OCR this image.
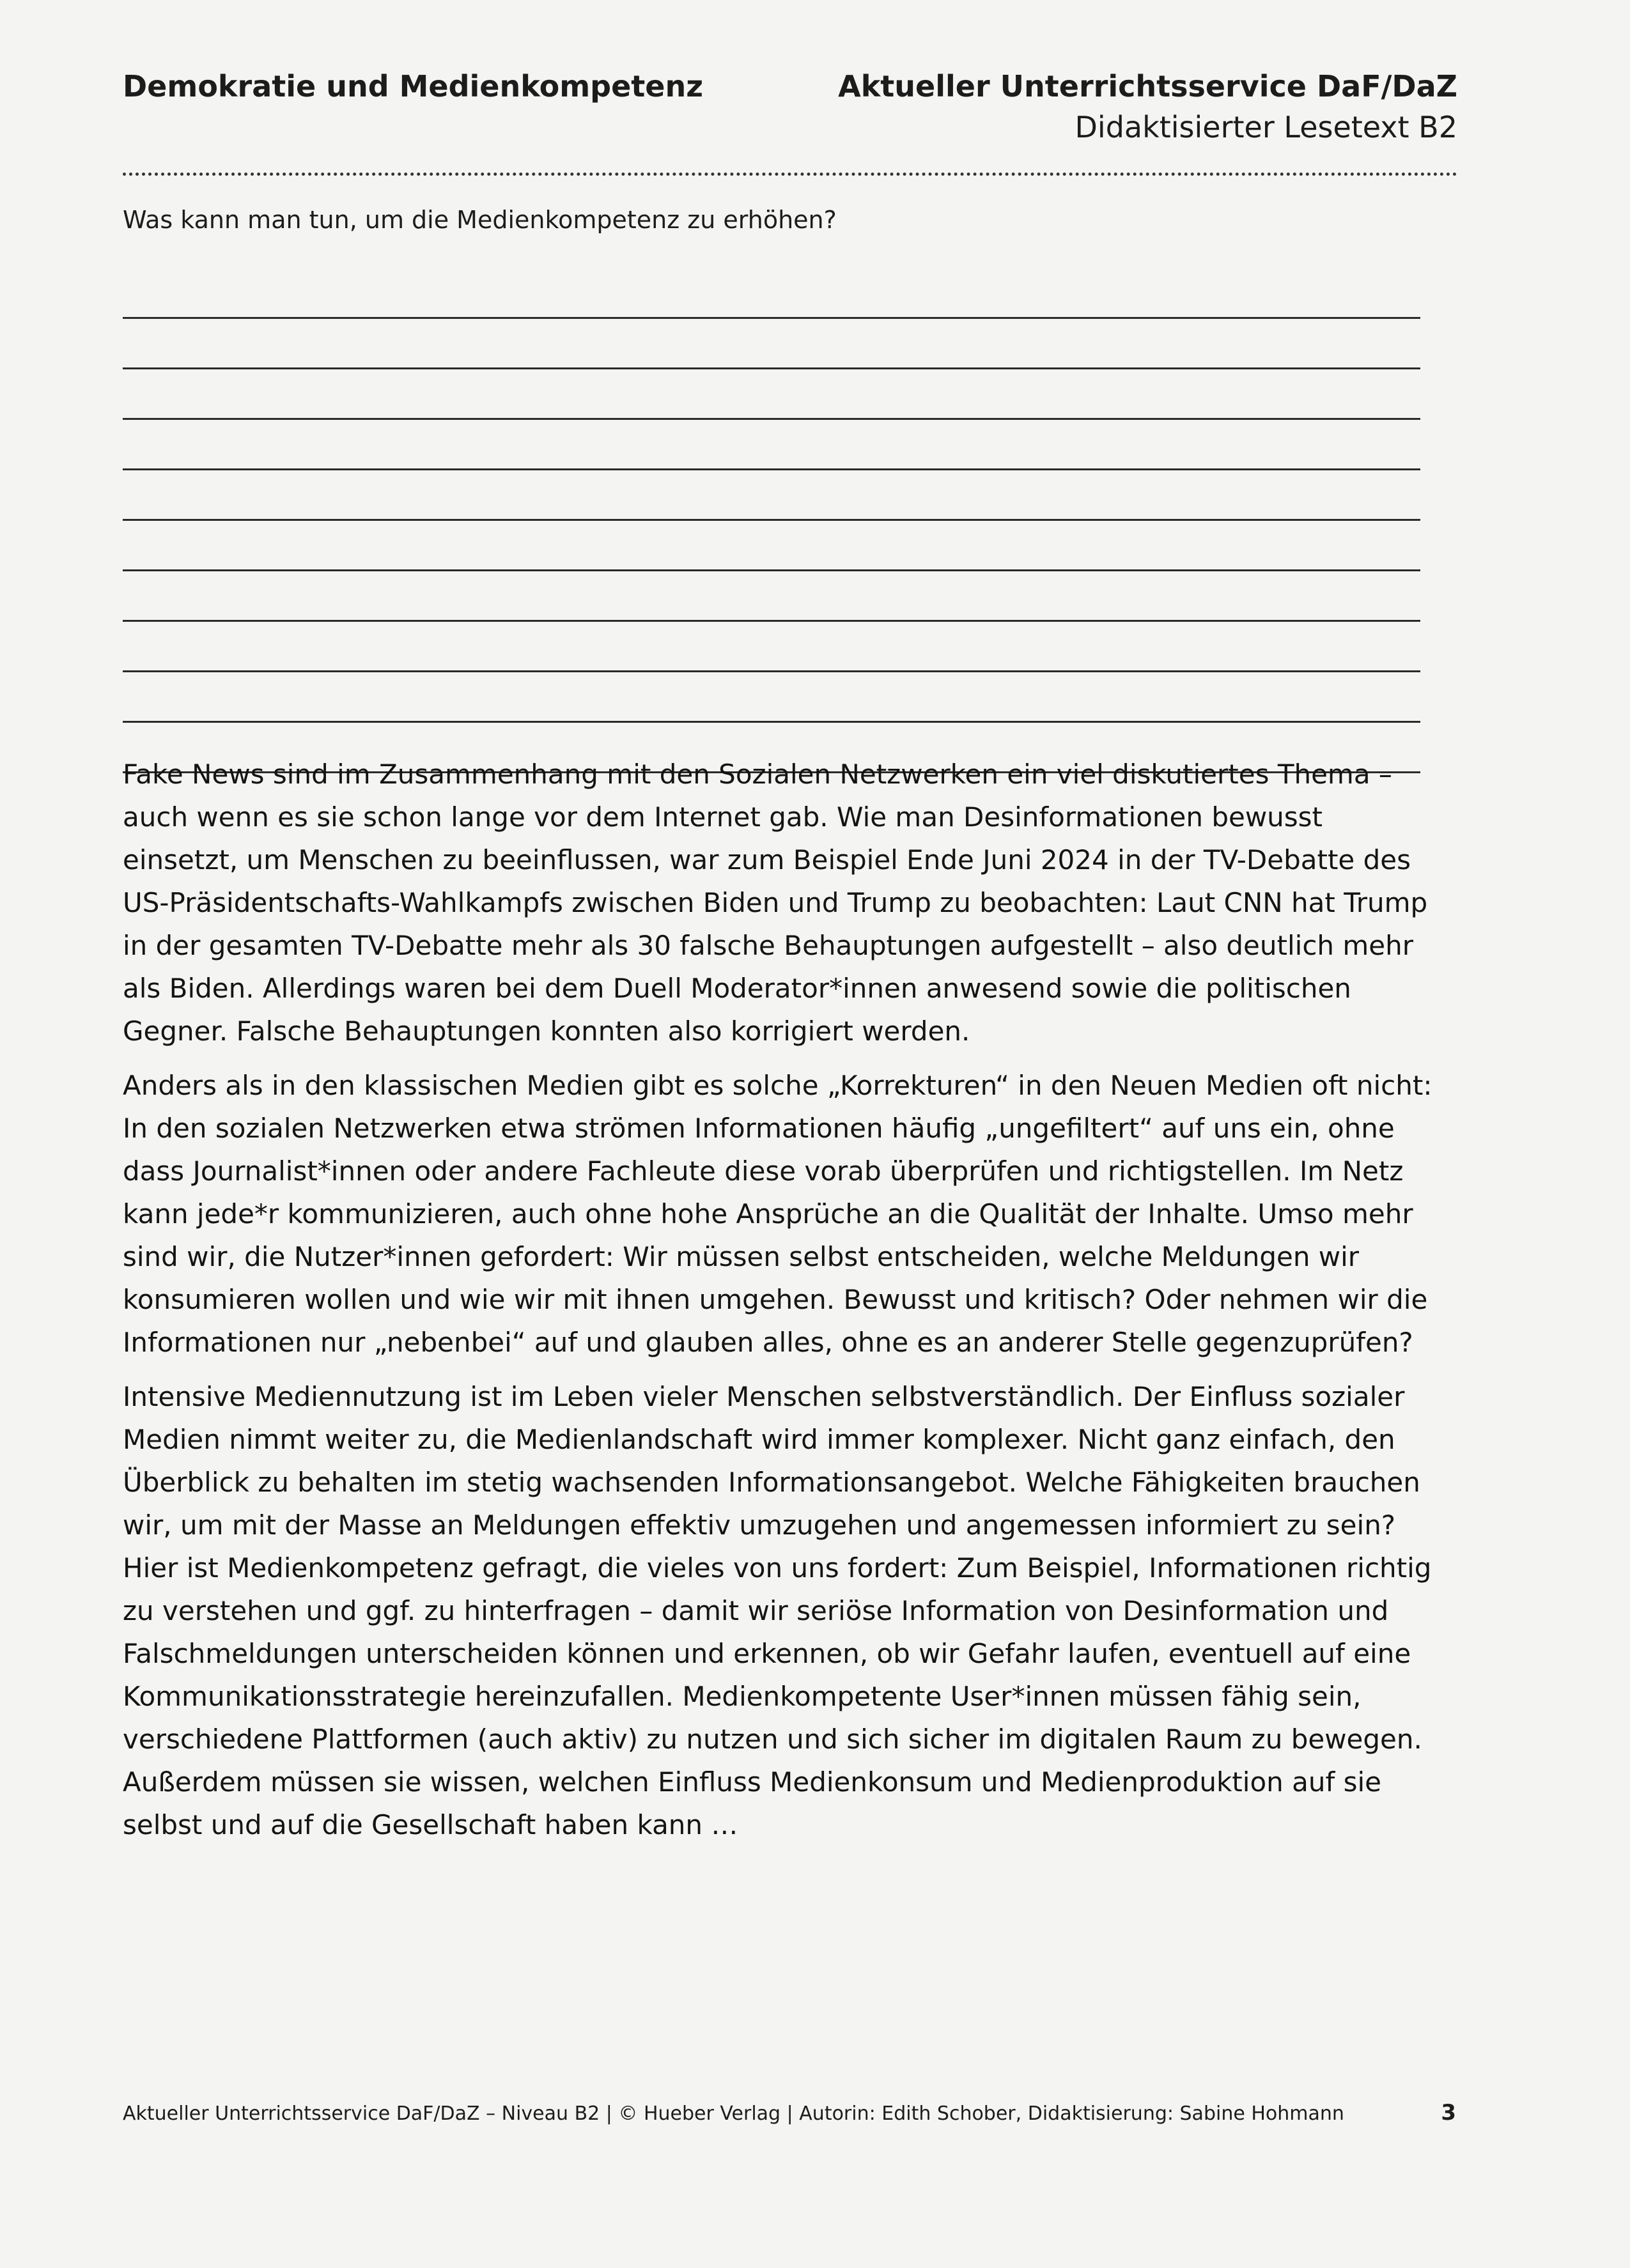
Demokratie und Medienkompetenz	Aktueller Unterrichtsservice DaF/DaZ
Didaktisierter Lesetext B2
Was kann man tun, um die Medienkompetenz zu erhöhen?

Fake News sind im Zusammenhang mit den Sozialen Netzwerken ein viel diskutiertes Thema – auch wenn es sie schon lange vor dem Internet gab. Wie man Desinformationen bewusst einsetzt, um Menschen zu beeinflussen, war zum Beispiel Ende Juni 2024 in der TV-Debatte des US-Präsidentschafts-Wahlkampfs zwischen Biden und Trump zu beobachten: Laut CNN hat Trump in der gesamten TV-Debatte mehr als 30 falsche Behauptungen aufgestellt – also deutlich mehr als Biden. Allerdings waren bei dem Duell Moderator*innen anwesend sowie die politischen Gegner. Falsche Behauptungen konnten also korrigiert werden.

Anders als in den klassischen Medien gibt es solche „Korrekturen“ in den Neuen Medien oft nicht: In den sozialen Netzwerken etwa strömen Informationen häufig „ungefiltert“ auf uns ein, ohne dass Journalist*innen oder andere Fachleute diese vorab überprüfen und richtigstellen. Im Netz kann jede*r kommunizieren, auch ohne hohe Ansprüche an die Qualität der Inhalte. Umso mehr sind wir, die Nutzer*innen gefordert: Wir müssen selbst entscheiden, welche Meldungen wir konsumieren wollen und wie wir mit ihnen umgehen. Bewusst und kritisch? Oder nehmen wir die Informationen nur „nebenbei“ auf und glauben alles, ohne es an anderer Stelle gegenzuprüfen?

Intensive Mediennutzung ist im Leben vieler Menschen selbstverständlich. Der Einfluss sozialer Medien nimmt weiter zu, die Medienlandschaft wird immer komplexer. Nicht ganz einfach, den Überblick zu behalten im stetig wachsenden Informationsangebot. Welche Fähigkeiten brauchen wir, um mit der Masse an Meldungen effektiv umzugehen und angemessen informiert zu sein? Hier ist Medienkompetenz gefragt, die vieles von uns fordert: Zum Beispiel, Informationen richtig zu verstehen und ggf. zu hinterfragen – damit wir seriöse Information von Desinformation und Falschmeldungen unterscheiden können und erkennen, ob wir Gefahr laufen, eventuell auf eine Kommunikationsstrategie hereinzufallen. Medienkompetente User*innen müssen fähig sein, verschiedene Plattformen (auch aktiv) zu nutzen und sich sicher im digitalen Raum zu bewegen. Außerdem müssen sie wissen, welchen Einfluss Medienkonsum und Medienproduktion auf sie selbst und auf die Gesellschaft haben kann …

Aktueller Unterrichtsservice DaF/DaZ – Niveau B2 | © Hueber Verlag | Autorin: Edith Schober, Didaktisierung: Sabine Hohmann	3
